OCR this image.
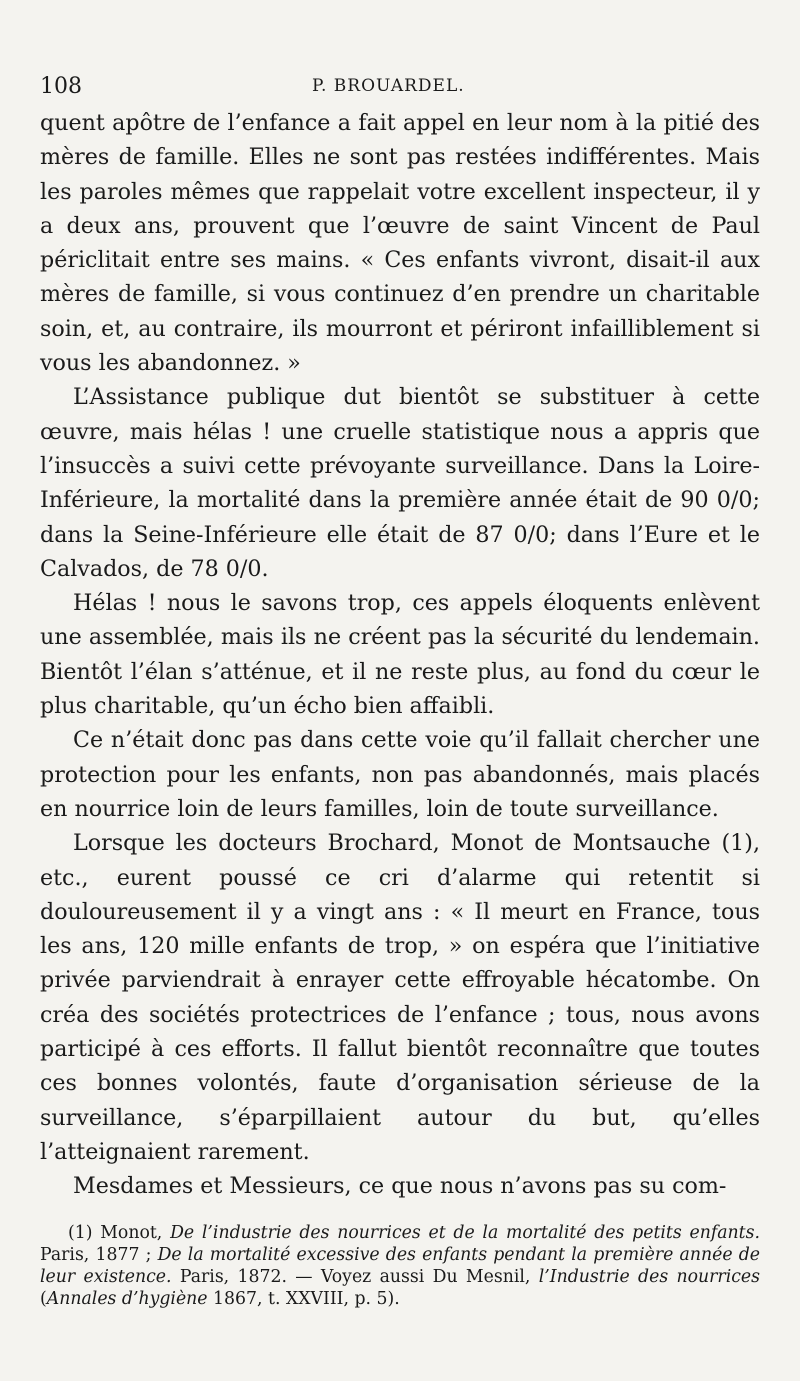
108	P. BROUARDEL.

quent apôtre de l’enfance a fait appel en leur nom à la pitié des mères de famille. Elles ne sont pas restées indifférentes. Mais les paroles mêmes que rappelait votre excellent inspecteur, il y a deux ans, prouvent que l’œuvre de saint Vincent de Paul périclitait entre ses mains. « Ces enfants vivront, disait-il aux mères de famille, si vous continuez d’en prendre un charitable soin, et, au contraire, ils mourront et périront infailliblement si vous les abandonnez. »

L’Assistance publique dut bientôt se substituer à cette œuvre, mais hélas ! une cruelle statistique nous a appris que l’insuccès a suivi cette prévoyante surveillance. Dans la Loire-Inférieure, la mortalité dans la première année était de 90 0/0; dans la Seine-Inférieure elle était de 87 0/0; dans l’Eure et le Calvados, de 78 0/0.

Hélas ! nous le savons trop, ces appels éloquents enlèvent une assemblée, mais ils ne créent pas la sécurité du lendemain. Bientôt l’élan s’atténue, et il ne reste plus, au fond du cœur le plus charitable, qu’un écho bien affaibli.

Ce n’était donc pas dans cette voie qu’il fallait chercher une protection pour les enfants, non pas abandonnés, mais placés en nourrice loin de leurs familles, loin de toute surveillance.

Lorsque les docteurs Brochard, Monot de Montsauche (1), etc., eurent poussé ce cri d’alarme qui retentit si douloureusement il y a vingt ans : « Il meurt en France, tous les ans, 120 mille enfants de trop, » on espéra que l’initiative privée parviendrait à enrayer cette effroyable hécatombe. On créa des sociétés protectrices de l’enfance ; tous, nous avons participé à ces efforts. Il fallut bientôt reconnaître que toutes ces bonnes volontés, faute d’organisation sérieuse de la surveillance, s’éparpillaient autour du but, qu’elles l’atteignaient rarement.

Mesdames et Messieurs, ce que nous n’avons pas su com-

(1) Monot, De l’industrie des nourrices et de la mortalité des petits enfants. Paris, 1877 ; De la mortalité excessive des enfants pendant la première année de leur existence. Paris, 1872. — Voyez aussi Du Mesnil, l’Industrie des nourrices (Annales d’hygiène 1867, t. XXVIII, p. 5).
